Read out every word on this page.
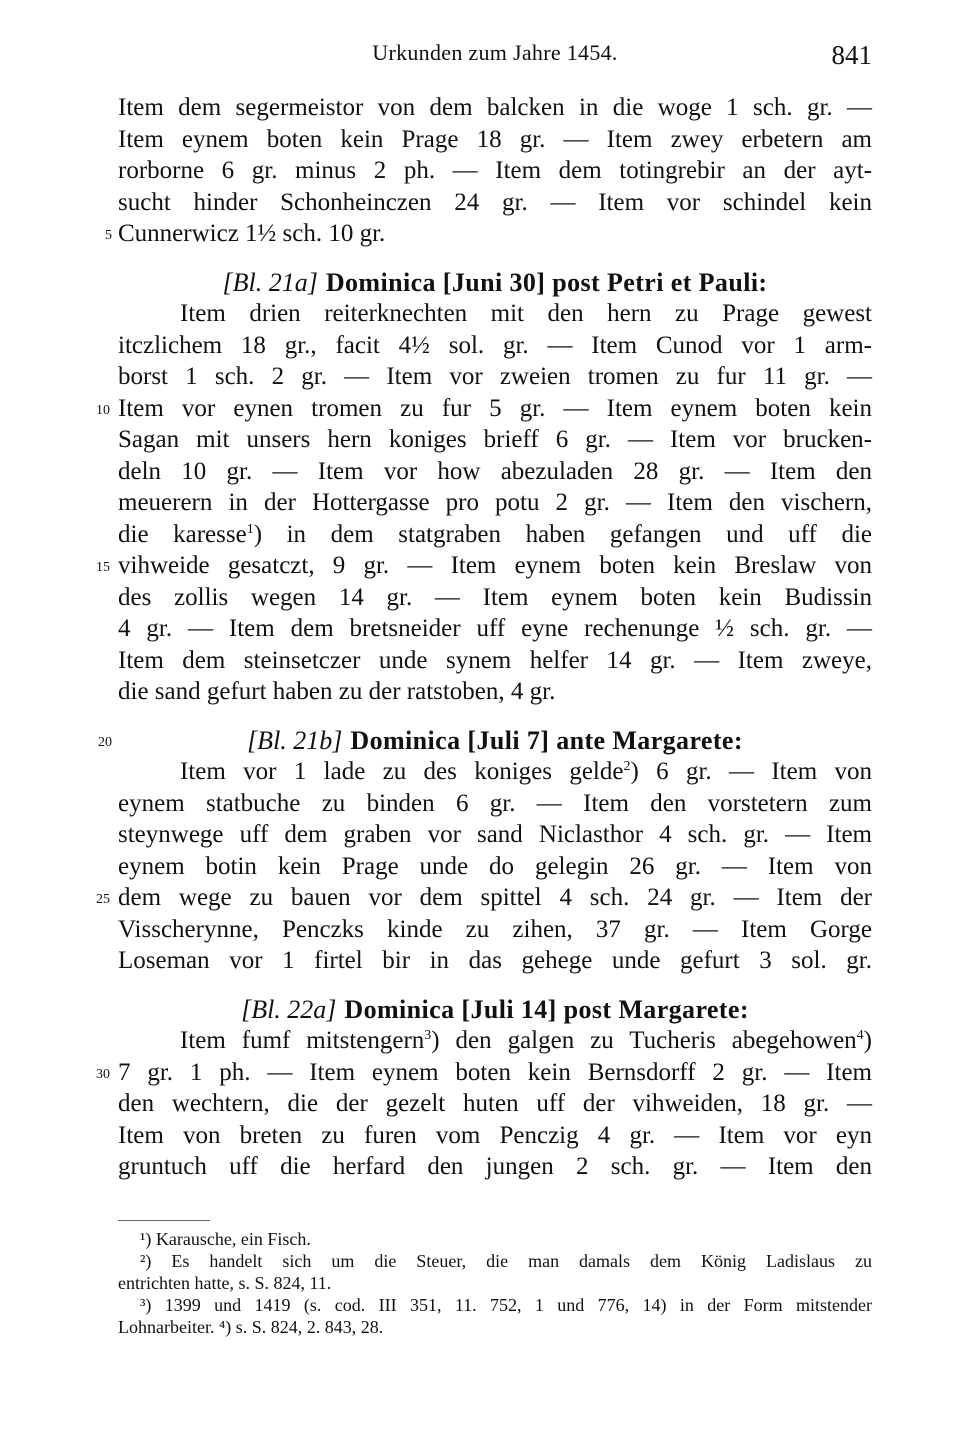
Urkunden zum Jahre 1454.	841
Item dem segermeistor von dem balcken in die woge 1 sch. gr. —
Item eynem boten kein Prage 18 gr. — Item zwey erbetern am
rorborne 6 gr. minus 2 ph. — Item dem totingrebir an der ayt-
sucht hinder Schonheinczen 24 gr. — Item vor schindel kein
5 Cunnerwicz 1½ sch. 10 gr.
[Bl. 21a] Dominica [Juni 30] post Petri et Pauli:
Item drien reiterknechten mit den hern zu Prage gewest
itczlichem 18 gr., facit 4½ sol. gr. — Item Cunod vor 1 arm-
borst 1 sch. 2 gr. — Item vor zweien tromen zu fur 11 gr. —
10 Item vor eynen tromen zu fur 5 gr. — Item eynem boten kein
Sagan mit unsers hern koniges brieff 6 gr. — Item vor brucken-
deln 10 gr. — Item vor how abezuladen 28 gr. — Item den
meuerern in der Hottergasse pro potu 2 gr. — Item den vischern,
die karesse$^1$) in dem statgraben haben gefangen und uff die
15 vihweide gesatczt, 9 gr. — Item eynem boten kein Breslaw von
des zollis wegen 14 gr. — Item eynem boten kein Budissin
4 gr. — Item dem bretsneider uff eyne rechenunge ½ sch. gr. —
Item dem steinsetczer unde synem helfer 14 gr. — Item zweye,
die sand gefurt haben zu der ratstoben, 4 gr.
20	[Bl. 21b] Dominica [Juli 7] ante Margarete:
Item vor 1 lade zu des koniges gelde$^2$) 6 gr. — Item von
eynem statbuche zu binden 6 gr. — Item den vorstetern zum
steynwege uff dem graben vor sand Niclasthor 4 sch. gr. — Item
eynem botin kein Prage unde do gelegin 26 gr. — Item von
25 dem wege zu bauen vor dem spittel 4 sch. 24 gr. — Item der
Visscherynne, Penczks kinde zu zihen, 37 gr. — Item Gorge
Loseman vor 1 firtel bir in das gehege unde gefurt 3 sol. gr.
[Bl. 22a] Dominica [Juli 14] post Margarete:
Item fumf mitstengern$^3$) den galgen zu Tucheris abegehowen$^4$)
30 7 gr. 1 ph. — Item eynem boten kein Bernsdorff 2 gr. — Item
den wechtern, die der gezelt huten uff der vihweiden, 18 gr. —
Item von breten zu furen vom Penczig 4 gr. — Item vor eyn
gruntuch uff die herfard den jungen 2 sch. gr. — Item den
¹) Karausche, ein Fisch.
²) Es handelt sich um die Steuer, die man damals dem König Ladislaus zu
entrichten hatte, s. S. 824, 11.
³) 1399 und 1419 (s. cod. III 351, 11. 752, 1 und 776, 14) in der Form mitstender
Lohnarbeiter. ⁴) s. S. 824, 2. 843, 28.
